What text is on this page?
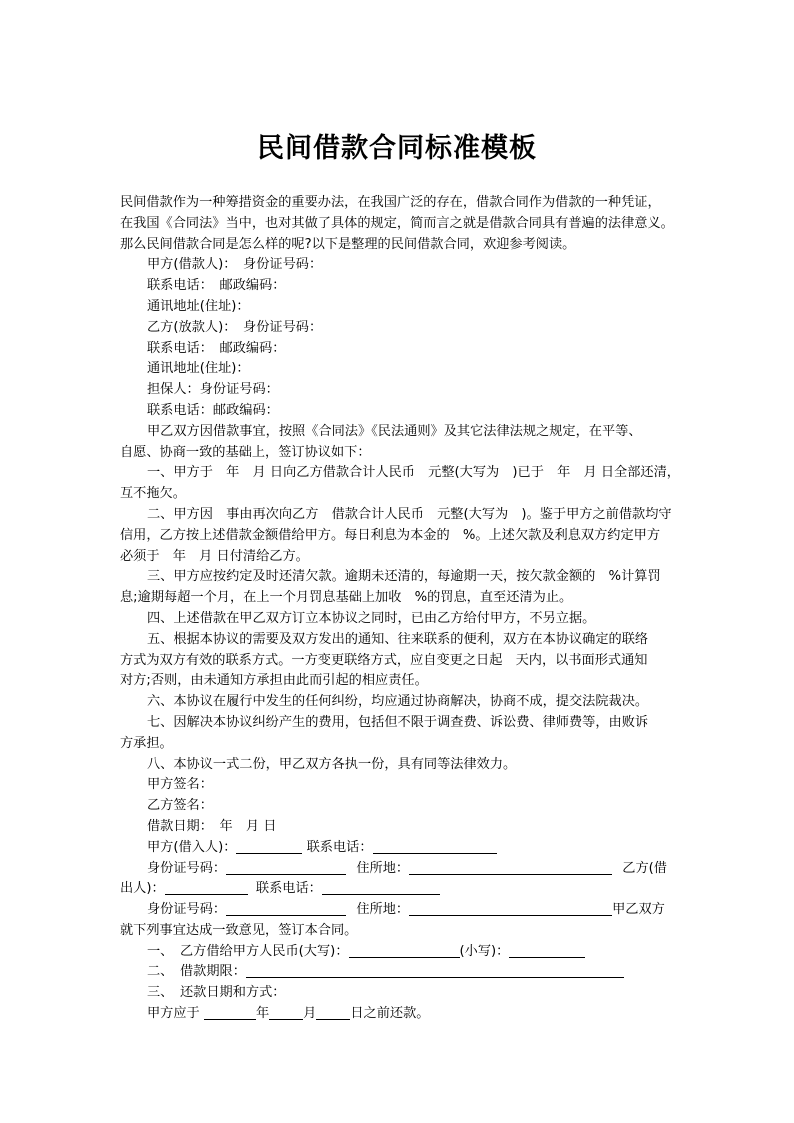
民间借款合同标准模板

民间借款作为一种筹措资金的重要办法，在我国广泛的存在，借款合同作为借款的一种凭证，

在我国《合同法》当中，也对其做了具体的规定，简而言之就是借款合同具有普遍的法律意义。

那么民间借款合同是怎么样的呢?以下是整理的民间借款合同，欢迎参考阅读。

甲方(借款人)：　身份证号码：

联系电话：　邮政编码：

通讯地址(住址)：

乙方(放款人)：　身份证号码：

联系电话：　邮政编码：

通讯地址(住址)：

担保人：身份证号码：

联系电话：邮政编码：

甲乙双方因借款事宜，按照《合同法》《民法通则》及其它法律法规之规定，在平等、

自愿、协商一致的基础上，签订协议如下：

一、甲方于　年　月 日向乙方借款合计人民币　元整(大写为　)已于　年　月 日全部还清，

互不拖欠。

二、甲方因　事由再次向乙方　借款合计人民币　元整(大写为　)。鉴于甲方之前借款均守

信用，乙方按上述借款金额借给甲方。每日利息为本金的　%。上述欠款及利息双方约定甲方

必须于　年　月 日付清给乙方。

三、甲方应按约定及时还清欠款。逾期未还清的，每逾期一天，按欠款金额的　%计算罚

息;逾期每超一个月，在上一个月罚息基础上加收　%的罚息，直至还清为止。

四、上述借款在甲乙双方订立本协议之同时，已由乙方给付甲方，不另立据。

五、根据本协议的需要及双方发出的通知、往来联系的便利，双方在本协议确定的联络

方式为双方有效的联系方式。一方变更联络方式，应自变更之日起　天内，以书面形式通知

对方;否则，由未通知方承担由此而引起的相应责任。

六、本协议在履行中发生的任何纠纷，均应通过协商解决，协商不成，提交法院裁决。

七、因解决本协议纠纷产生的费用，包括但不限于调查费、诉讼费、律师费等，由败诉

方承担。

八、本协议一式二份，甲乙双方各执一份，具有同等法律效力。

甲方签名：

乙方签名：

借款日期：　年　月 日

甲方(借入人)：	联系电话：

身份证号码：	住所地：	乙方(借

出人)：	联系电话：

身份证号码：	住所地：	甲乙双方

就下列事宜达成一致意见，签订本合同。

一、　乙方借给甲方人民币(大写)：	(小写)：

二、　借款期限：

三、　还款日期和方式：

甲方应于	年	月	日之前还款。
